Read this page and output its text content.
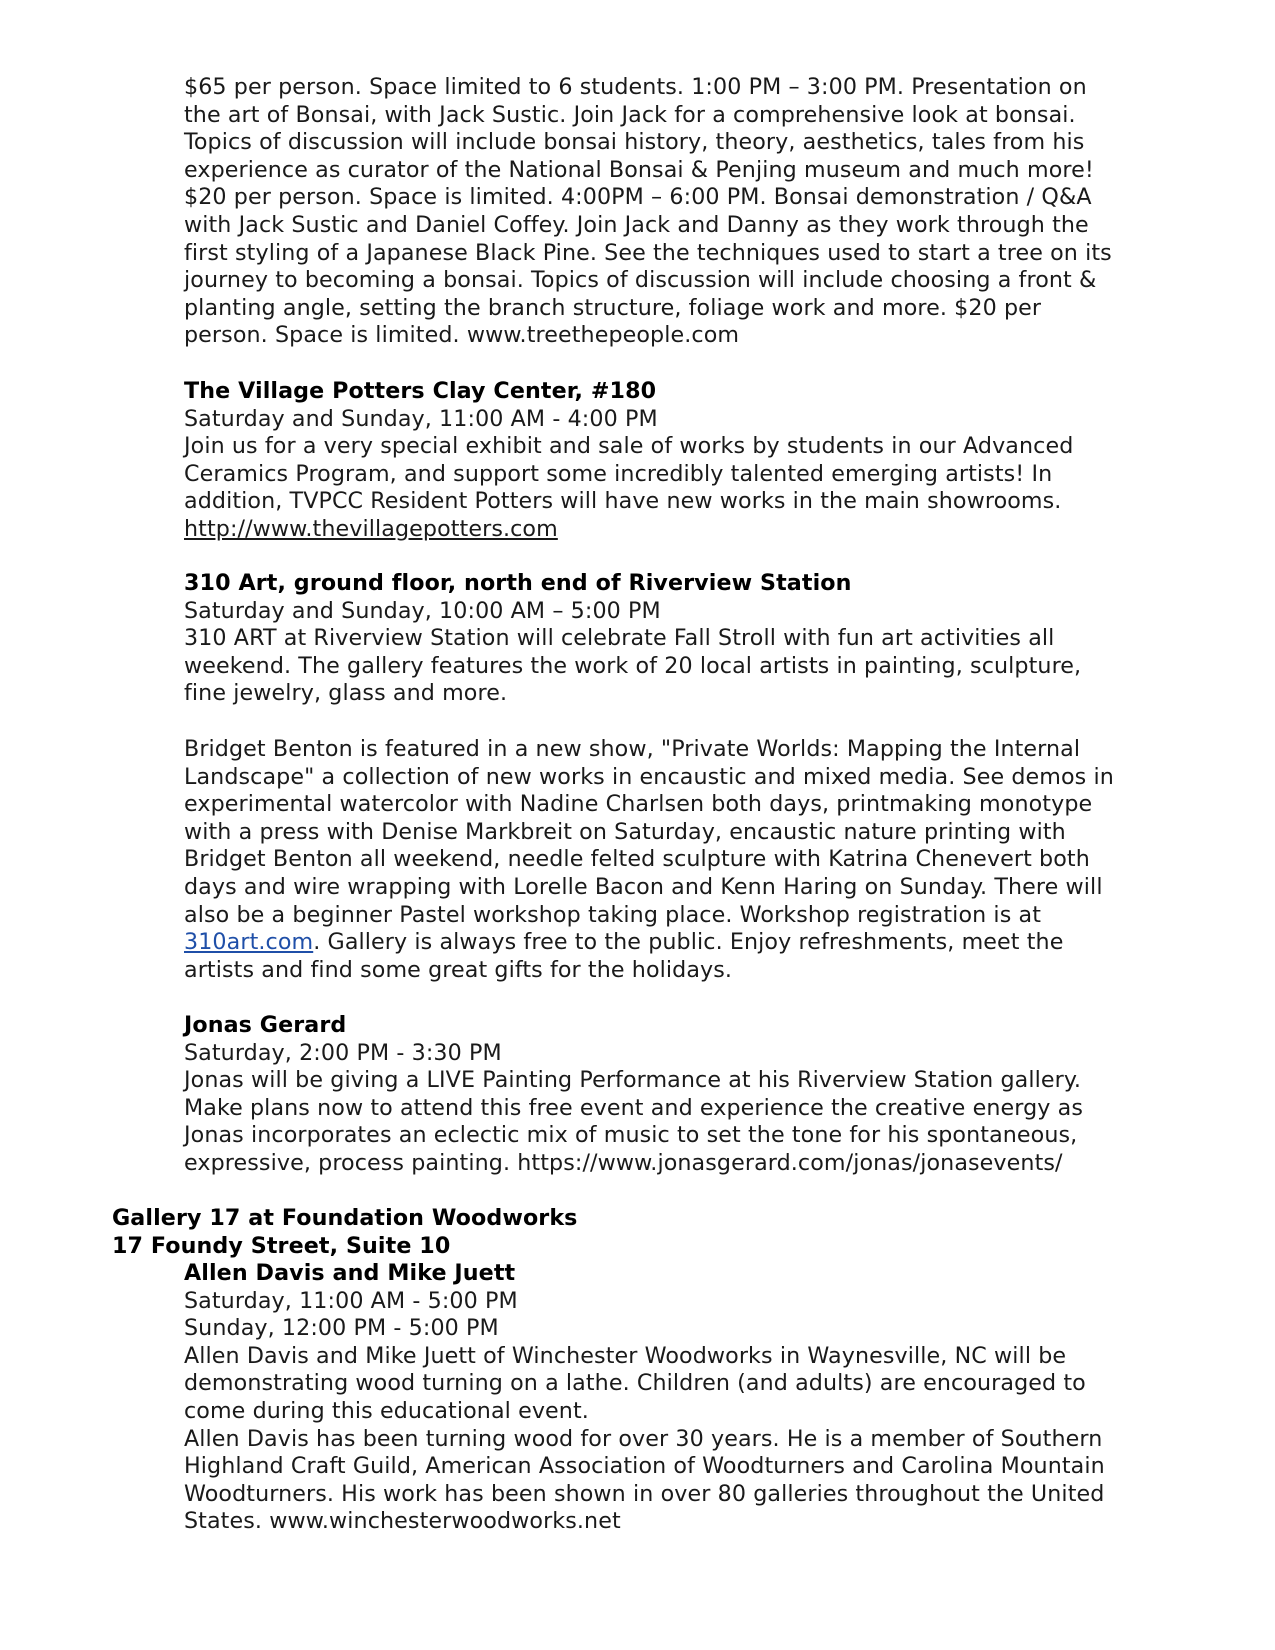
$65 per person. Space limited to 6 students. 1:00 PM – 3:00 PM. Presentation on
the art of Bonsai, with Jack Sustic. Join Jack for a comprehensive look at bonsai.
Topics of discussion will include bonsai history, theory, aesthetics, tales from his
experience as curator of the National Bonsai & Penjing museum and much more!
$20 per person. Space is limited. 4:00PM – 6:00 PM. Bonsai demonstration / Q&A
with Jack Sustic and Daniel Coffey. Join Jack and Danny as they work through the
first styling of a Japanese Black Pine. See the techniques used to start a tree on its
journey to becoming a bonsai. Topics of discussion will include choosing a front &
planting angle, setting the branch structure, foliage work and more. $20 per
person. Space is limited. www.treethepeople.com
The Village Potters Clay Center, #180
Saturday and Sunday, 11:00 AM - 4:00 PM
Join us for a very special exhibit and sale of works by students in our Advanced
Ceramics Program, and support some incredibly talented emerging artists! In
addition, TVPCC Resident Potters will have new works in the main showrooms.
http://www.thevillagepotters.com
310 Art, ground floor, north end of Riverview Station
Saturday and Sunday, 10:00 AM – 5:00 PM
310 ART at Riverview Station will celebrate Fall Stroll with fun art activities all
weekend. The gallery features the work of 20 local artists in painting, sculpture,
fine jewelry, glass and more.
Bridget Benton is featured in a new show, "Private Worlds: Mapping the Internal
Landscape" a collection of new works in encaustic and mixed media. See demos in
experimental watercolor with Nadine Charlsen both days, printmaking monotype
with a press with Denise Markbreit on Saturday, encaustic nature printing with
Bridget Benton all weekend, needle felted sculpture with Katrina Chenevert both
days and wire wrapping with Lorelle Bacon and Kenn Haring on Sunday. There will
also be a beginner Pastel workshop taking place. Workshop registration is at
310art.com. Gallery is always free to the public. Enjoy refreshments, meet the
artists and find some great gifts for the holidays.
Jonas Gerard
Saturday, 2:00 PM - 3:30 PM
Jonas will be giving a LIVE Painting Performance at his Riverview Station gallery.
Make plans now to attend this free event and experience the creative energy as
Jonas incorporates an eclectic mix of music to set the tone for his spontaneous,
expressive, process painting. https://www.jonasgerard.com/jonas/jonasevents/
Gallery 17 at Foundation Woodworks
17 Foundy Street, Suite 10
Allen Davis and Mike Juett
Saturday, 11:00 AM - 5:00 PM
Sunday, 12:00 PM - 5:00 PM
Allen Davis and Mike Juett of Winchester Woodworks in Waynesville, NC will be
demonstrating wood turning on a lathe. Children (and adults) are encouraged to
come during this educational event.
Allen Davis has been turning wood for over 30 years. He is a member of Southern
Highland Craft Guild, American Association of Woodturners and Carolina Mountain
Woodturners. His work has been shown in over 80 galleries throughout the United
States. www.winchesterwoodworks.net
